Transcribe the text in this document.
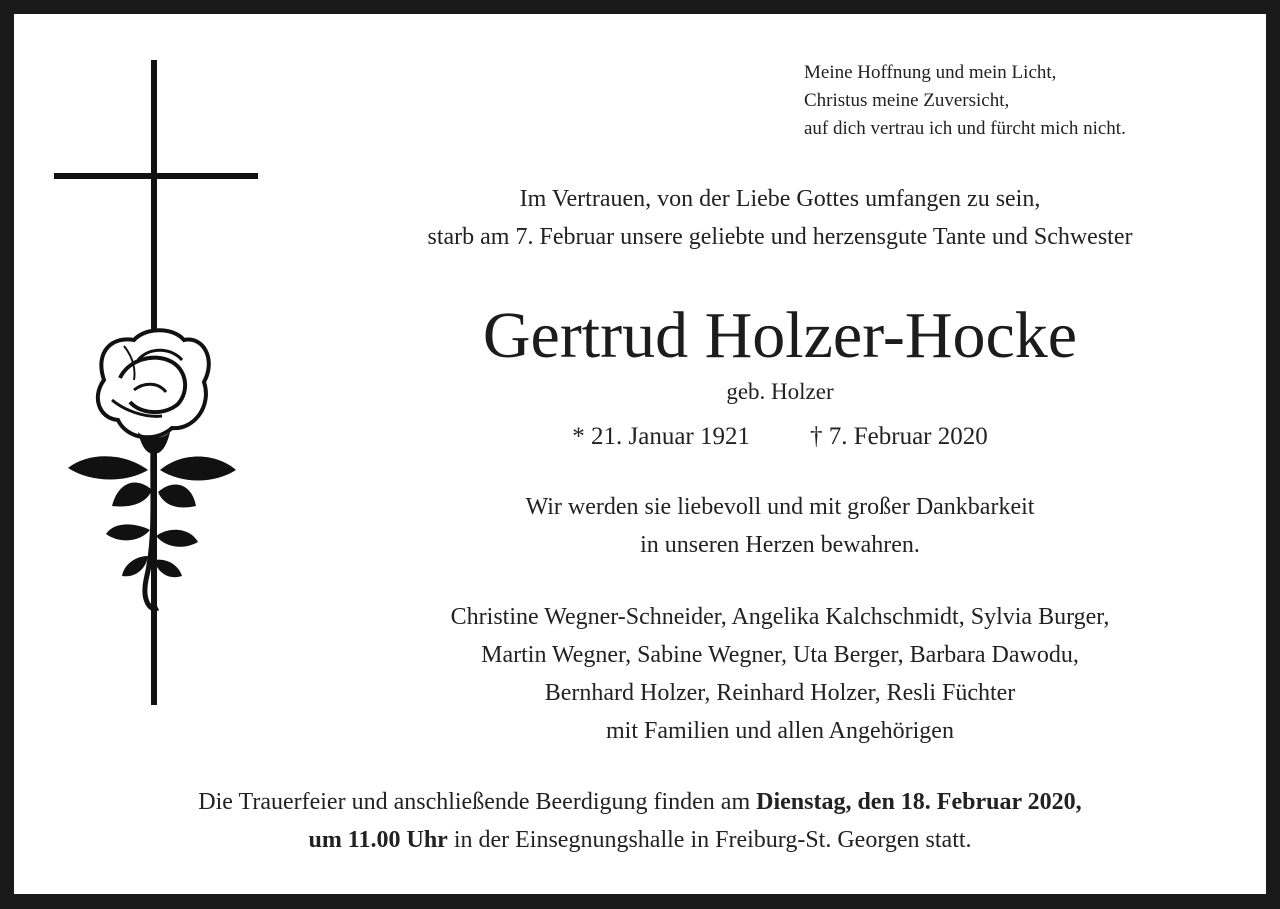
Meine Hoffnung und mein Licht,
Christus meine Zuversicht,
auf dich vertrau ich und fürcht mich nicht.
Im Vertrauen, von der Liebe Gottes umfangen zu sein,
starb am 7. Februar unsere geliebte und herzensgute Tante und Schwester
Gertrud Holzer-Hocke
geb. Holzer
* 21. Januar 1921 † 7. Februar 2020
Wir werden sie liebevoll und mit großer Dankbarkeit
in unseren Herzen bewahren.
Christine Wegner-Schneider, Angelika Kalchschmidt, Sylvia Burger,
Martin Wegner, Sabine Wegner, Uta Berger, Barbara Dawodu,
Bernhard Holzer, Reinhard Holzer, Resli Füchter
mit Familien und allen Angehörigen
Die Trauerfeier und anschließende Beerdigung finden am Dienstag, den 18. Februar 2020,
um 11.00 Uhr in der Einsegnungshalle in Freiburg-St. Georgen statt.
